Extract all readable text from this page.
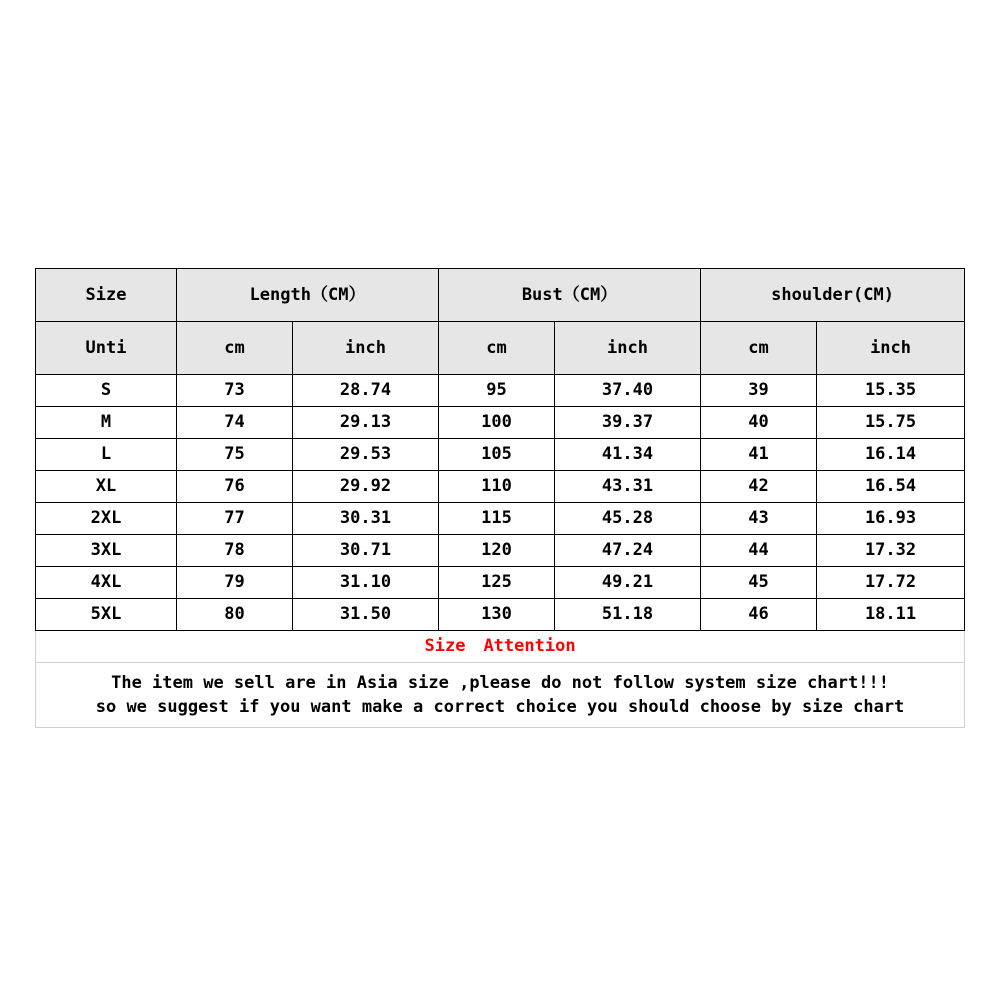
Size	Length（CM）		Bust（CM）		shoulder(CM)	
Unti	cm	inch	cm	inch	cm	inch
S	73	28.74	95	37.40	39	15.35
M	74	29.13	100	39.37	40	15.75
L	75	29.53	105	41.34	41	16.14
XL	76	29.92	110	43.31	42	16.54
2XL	77	30.31	115	45.28	43	16.93
3XL	78	30.71	120	47.24	44	17.32
4XL	79	31.10	125	49.21	45	17.72
5XL	80	31.50	130	51.18	46	18.11
Size Attention						

The item we sell are in Asia size ,please do not follow system size chart!!!
so we suggest if you want make a correct choice you should choose by size chart						
